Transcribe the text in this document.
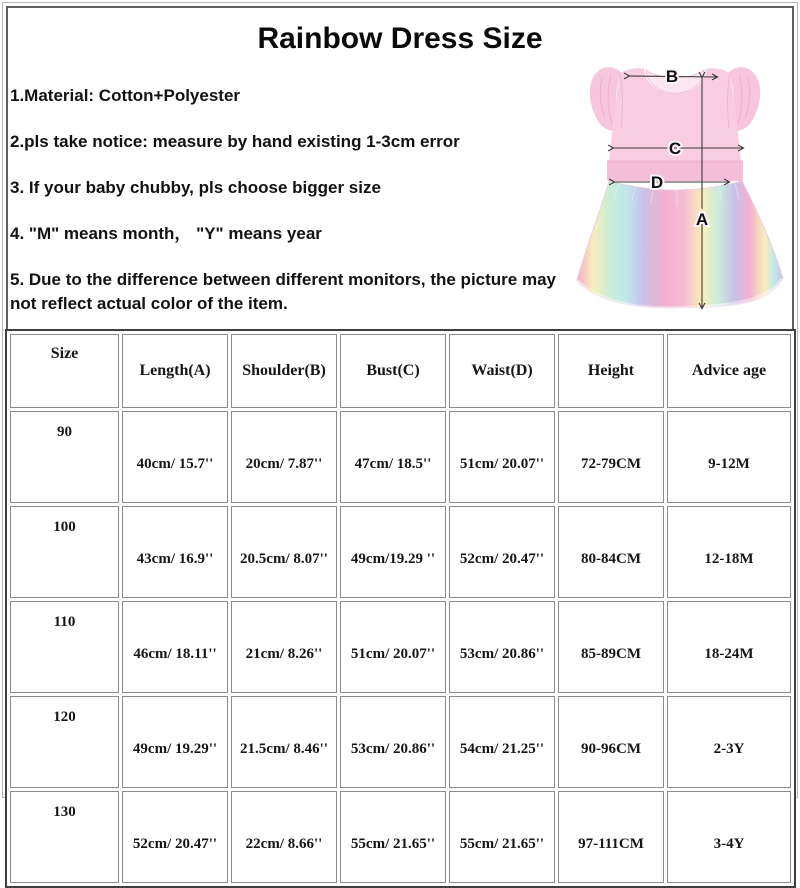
Rainbow Dress Size
1.Material: Cotton+Polyester
2.pls take notice: measure by hand existing 1-3cm error
3. If your baby chubby, pls choose bigger size
4. "M" means month， "Y" means year
5. Due to the difference between different monitors, the picture may not reflect actual color of the item.
B
C
D
A
Size	Length(A)	Shoulder(B)	Bust(C)	Waist(D)	Height	Advice age
90	40cm/ 15.7''	20cm/ 7.87''	47cm/ 18.5''	51cm/ 20.07''	72-79CM	9-12M
100	43cm/ 16.9''	20.5cm/ 8.07''	49cm/19.29 ''	52cm/ 20.47''	80-84CM	12-18M
110	46cm/ 18.11''	21cm/ 8.26''	51cm/ 20.07''	53cm/ 20.86''	85-89CM	18-24M
120	49cm/ 19.29''	21.5cm/ 8.46''	53cm/ 20.86''	54cm/ 21.25''	90-96CM	2-3Y
130	52cm/ 20.47''	22cm/ 8.66''	55cm/ 21.65''	55cm/ 21.65''	97-111CM	3-4Y
